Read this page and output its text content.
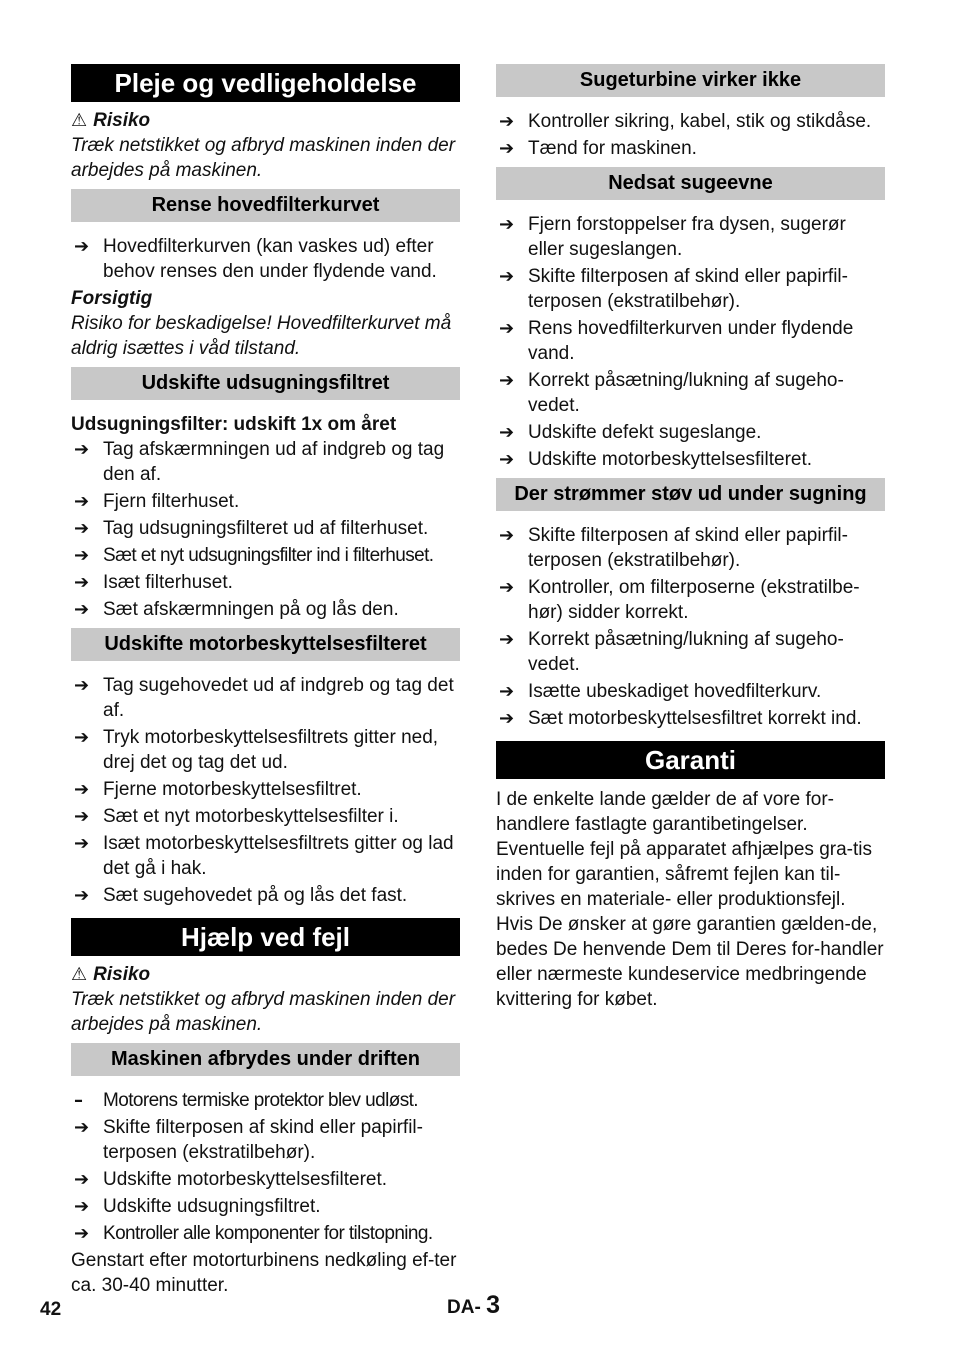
Pleje og vedligeholdelse
⚠ Risiko
Træk netstikket og afbryd maskinen inden der arbejdes på maskinen.
Rense hovedfilterkurvet
➔ Hovedfilterkurven (kan vaskes ud) efter behov renses den under flydende vand.
Forsigtig
Risiko for beskadigelse! Hovedfilterkurvet må aldrig isættes i våd tilstand.
Udskifte udsugningsfiltret
Udsugningsfilter: udskift 1x om året
➔ Tag afskærmningen ud af indgreb og tag den af.
➔ Fjern filterhuset.
➔ Tag udsugningsfilteret ud af filterhuset.
➔ Sæt et nyt udsugningsfilter ind i filterhuset.
➔ Isæt filterhuset.
➔ Sæt afskærmningen på og lås den.
Udskifte motorbeskyttelsesfilteret
➔ Tag sugehovedet ud af indgreb og tag det af.
➔ Tryk motorbeskyttelsesfiltrets gitter ned, drej det og tag det ud.
➔ Fjerne motorbeskyttelsesfiltret.
➔ Sæt et nyt motorbeskyttelsesfilter i.
➔ Isæt motorbeskyttelsesfiltrets gitter og lad det gå i hak.
➔ Sæt sugehovedet på og lås det fast.
Hjælp ved fejl
⚠ Risiko
Træk netstikket og afbryd maskinen inden der arbejdes på maskinen.
Maskinen afbrydes under driften
– Motorens termiske protektor blev udløst.
➔ Skifte filterposen af skind eller papirfil-terposen (ekstratilbehør).
➔ Udskifte motorbeskyttelsesfilteret.
➔ Udskifte udsugningsfiltret.
➔ Kontroller alle komponenter for tilstopning.
Genstart efter motorturbinens nedkøling ef-ter ca. 30-40 minutter.
Sugeturbine virker ikke
➔ Kontroller sikring, kabel, stik og stikdåse.
➔ Tænd for maskinen.
Nedsat sugeevne
➔ Fjern forstoppelser fra dysen, sugerør eller sugeslangen.
➔ Skifte filterposen af skind eller papirfil-terposen (ekstratilbehør).
➔ Rens hovedfilterkurven under flydende vand.
➔ Korrekt påsætning/lukning af sugeho-vedet.
➔ Udskifte defekt sugeslange.
➔ Udskifte motorbeskyttelsesfilteret.
Der strømmer støv ud under sugning
➔ Skifte filterposen af skind eller papirfil-terposen (ekstratilbehør).
➔ Kontroller, om filterposerne (ekstratilbe-hør) sidder korrekt.
➔ Korrekt påsætning/lukning af sugeho-vedet.
➔ Isætte ubeskadiget hovedfilterkurv.
➔ Sæt motorbeskyttelsesfiltret korrekt ind.
Garanti
I de enkelte lande gælder de af vore for-handlere fastlagte garantibetingelser. Eventuelle fejl på apparatet afhjælpes gra-tis inden for garantien, såfremt fejlen kan til-skrives en materiale- eller produktionsfejl. Hvis De ønsker at gøre garantien gælden-de, bedes De henvende Dem til Deres for-handler eller nærmeste kundeservice medbringende kvittering for købet.
42	DA- 3
